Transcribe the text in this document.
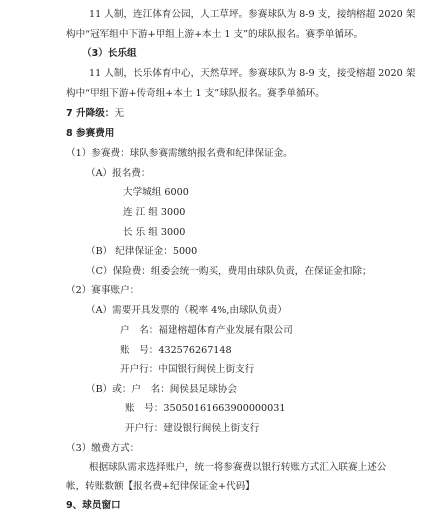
11 人制，连江体育公园，人工草坪。参赛球队为 8-9 支，接纳榕超 2020 架
构中“冠军组中下游+甲组上游+本土 1 支”的球队报名。赛季单循环。
（3）长乐组
11 人制，长乐体育中心，天然草坪。参赛球队为 8-9 支，接受榕超 2020 架
构中“甲组下游+传奇组+本土 1 支”球队报名。赛季单循环。
7 升降级：无
8 参赛费用
（1）参赛费：球队参赛需缴纳报名费和纪律保证金。
（A）报名费：
大学城组 6000
连 江 组 3000
长 乐 组 3000
（B） 纪律保证金：5000
（C）保险费：组委会统一购买，费用由球队负责，在保证金扣除；
（2）赛事账户：
（A）需要开具发票的（税率 4%,由球队负责）
户　名：福建榕超体育产业发展有限公司
账　号：432576267148
开户行：中国银行闽侯上街支行
（B）或：户　名：闽侯县足球协会
账　号：35050161663900000031
开户行：建设银行闽侯上街支行
（3）缴费方式：
根据球队需求选择账户，统一将参赛费以银行转账方式汇入联赛上述公
帐，转账数额【报名费+纪律保证金+代码】
9、球员窗口
